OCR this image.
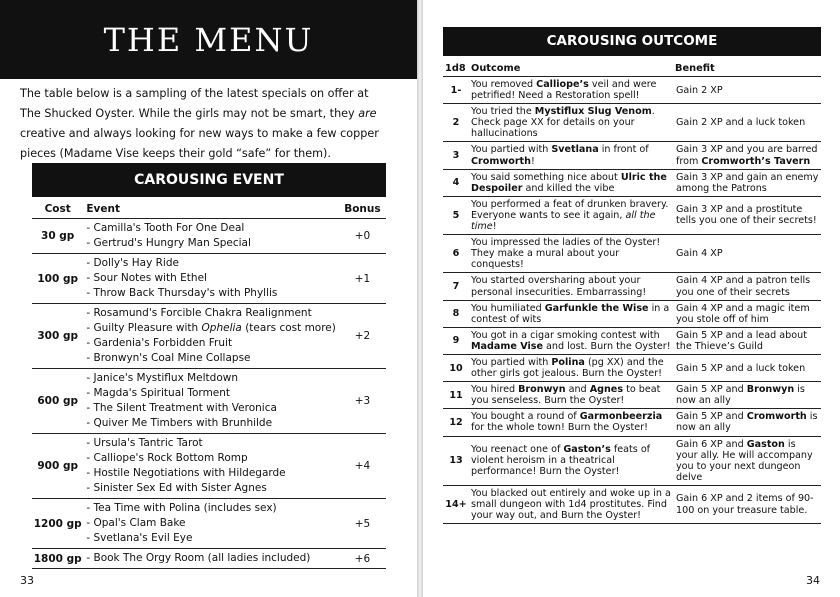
THE MENU

The table below is a sampling of the latest specials on offer at The Shucked Oyster. While the girls may not be smart, they are creative and always looking for new ways to make a few copper pieces (Madame Vise keeps their gold “safe” for them).

CAROUSING EVENT
Cost	Event	Bonus
30 gp	- Camilla's Tooth For One Deal
- Gertrud's Hungry Man Special	+0
100 gp	- Dolly's Hay Ride
- Sour Notes with Ethel
- Throw Back Thursday's with Phyllis	+1
300 gp	- Rosamund's Forcible Chakra Realignment
- Guilty Pleasure with Ophelia (tears cost more)
- Gardenia's Forbidden Fruit
- Bronwyn's Coal Mine Collapse	+2
600 gp	- Janice's Mystiflux Meltdown
- Magda's Spiritual Torment
- The Silent Treatment with Veronica
- Quiver Me Timbers with Brunhilde	+3
900 gp	- Ursula's Tantric Tarot
- Calliope's Rock Bottom Romp
- Hostile Negotiations with Hildegarde
- Sinister Sex Ed with Sister Agnes	+4
1200 gp	- Tea Time with Polina (includes sex)
- Opal's Clam Bake
- Svetlana's Evil Eye	+5
1800 gp	- Book The Orgy Room (all ladies included)	+6
33
CAROUSING OUTCOME
1d8	Outcome	Benefit
1-	You removed Calliope’s veil and were petrified! Need a Restoration spell!	Gain 2 XP
2	You tried the Mystiflux Slug Venom. Check page XX for details on your hallucinations	Gain 2 XP and a luck token
3	You partied with Svetlana in front of Cromworth!	Gain 3 XP and you are barred from Cromworth’s Tavern
4	You said something nice about Ulric the Despoiler and killed the vibe	Gain 3 XP and gain an enemy among the Patrons
5	You performed a feat of drunken bravery. Everyone wants to see it again, all the time!	Gain 3 XP and a prostitute tells you one of their secrets!
6	You impressed the ladies of the Oyster! They make a mural about your conquests!	Gain 4 XP
7	You started oversharing about your personal insecurities. Embarrassing!	Gain 4 XP and a patron tells you one of their secrets
8	You humiliated Garfunkle the Wise in a contest of wits	Gain 4 XP and a magic item you stole off of him
9	You got in a cigar smoking contest with Madame Vise and lost. Burn the Oyster!	Gain 5 XP and a lead about the Thieve’s Guild
10	You partied with Polina (pg XX) and the other girls got jealous. Burn the Oyster!	Gain 5 XP and a luck token
11	You hired Bronwyn and Agnes to beat you senseless. Burn the Oyster!	Gain 5 XP and Bronwyn is now an ally
12	You bought a round of Garmonbeerzia for the whole town! Burn the Oyster!	Gain 5 XP and Cromworth is now an ally
13	You reenact one of Gaston’s feats of violent heroism in a theatrical performance! Burn the Oyster!	Gain 6 XP and Gaston is your ally. He will accompany you to your next dungeon delve
14+	You blacked out entirely and woke up in a small dungeon with 1d4 prostitutes. Find your way out, and Burn the Oyster!	Gain 6 XP and 2 items of 90-100 on your treasure table.
34
